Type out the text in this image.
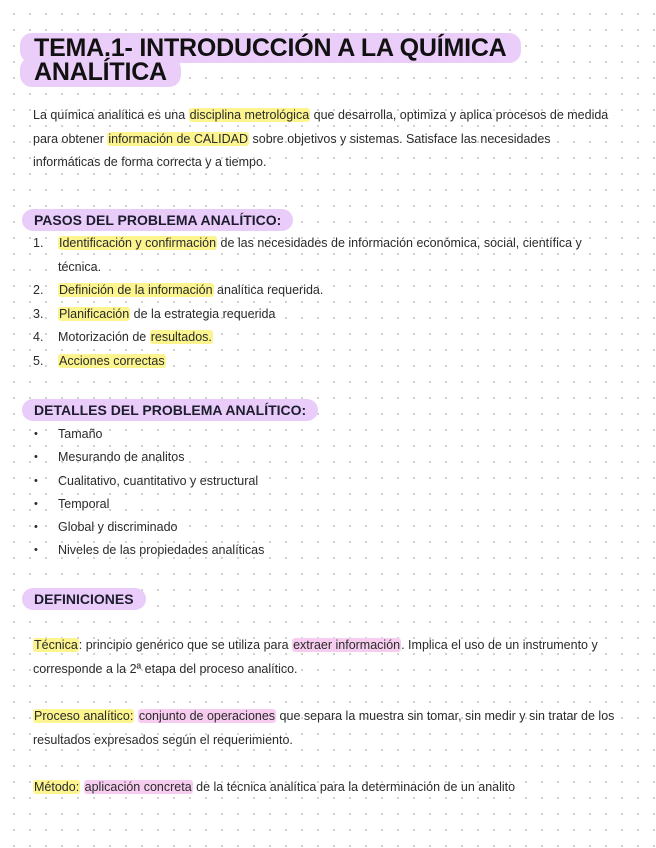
TEMA.1- INTRODUCCIÓN A LA QUÍMICA ANALÍTICA

La química analítica es una disciplina metrológica que desarrolla, optimiza y aplica procesos de medida para obtener información de CALIDAD sobre objetivos y sistemas. Satisface las necesidades informáticas de forma correcta y a tiempo.

PASOS DEL PROBLEMA ANALÍTICO:
1. Identificación y confirmación de las necesidades de información económica, social, científica y técnica.
2. Definición de la información analítica requerida.
3. Planificación de la estrategia requerida
4. Motorización de resultados.
5. Acciones correctas
DETALLES DEL PROBLEMA ANALÍTICO:
• Tamaño
• Mesurando de analitos
• Cualitativo, cuantitativo y estructural
• Temporal
• Global y discriminado
• Niveles de las propiedades analíticas
DEFINICIONES

Técnica: principio genérico que se utiliza para extraer información. Implica el uso de un instrumento y corresponde a la 2ª etapa del proceso analítico.

Proceso analítico: conjunto de operaciones que separa la muestra sin tomar, sin medir y sin tratar de los resultados expresados según el requerimiento.

Método: aplicación concreta de la técnica analítica para la determinación de un analito
